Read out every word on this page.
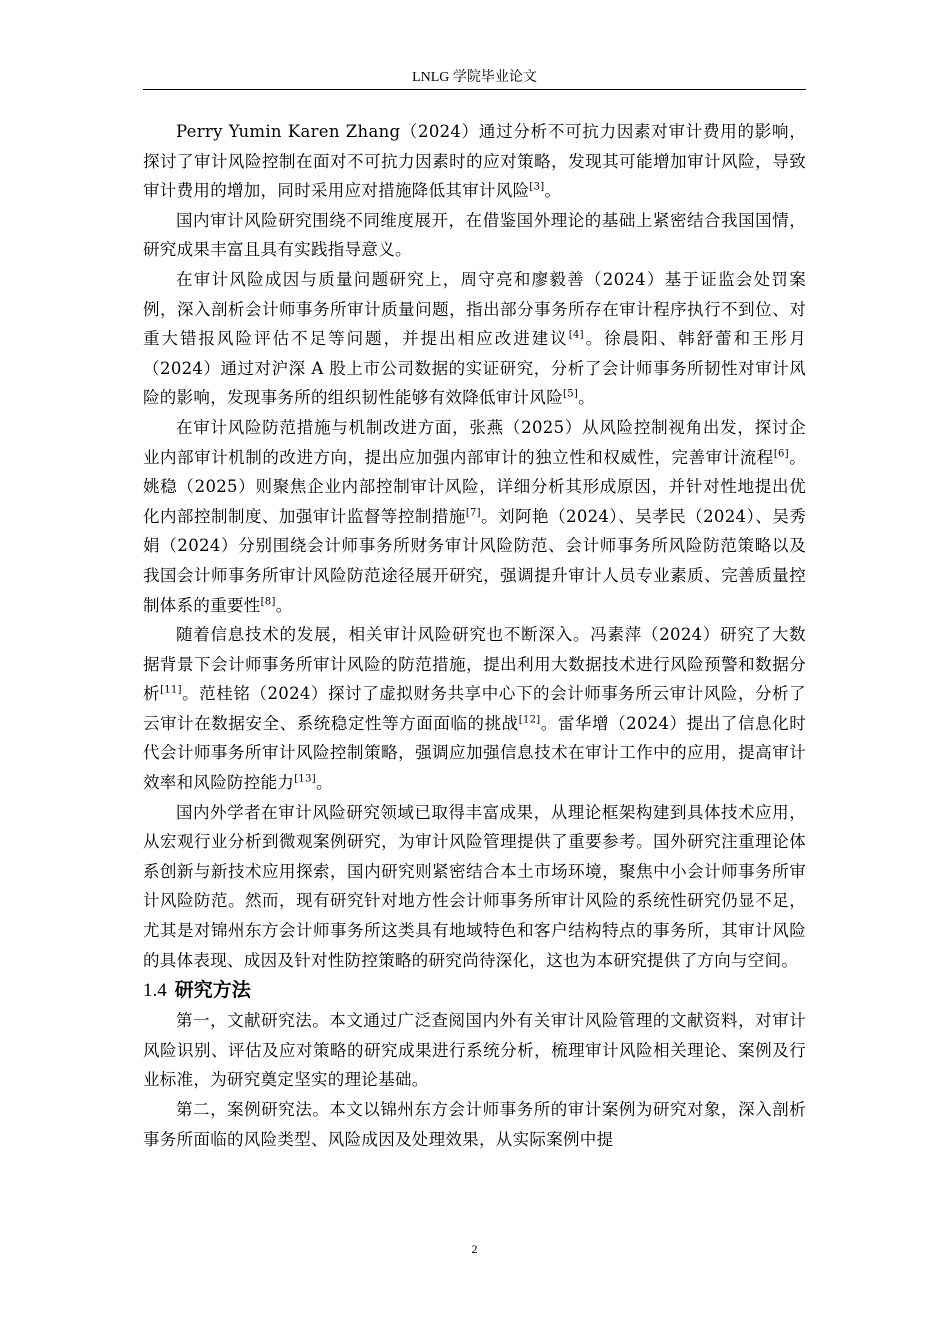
LNLG 学院毕业论文

Perry Yumin Karen Zhang（2024）通过分析不可抗力因素对审计费用的影响，探讨了审计风险控制在面对不可抗力因素时的应对策略，发现其可能增加审计风险，导致审计费用的增加，同时采用应对措施降低其审计风险[3]。

国内审计风险研究围绕不同维度展开，在借鉴国外理论的基础上紧密结合我国国情，研究成果丰富且具有实践指导意义。

在审计风险成因与质量问题研究上，周守亮和廖毅善（2024）基于证监会处罚案例，深入剖析会计师事务所审计质量问题，指出部分事务所存在审计程序执行不到位、对重大错报风险评估不足等问题，并提出相应改进建议[4]。徐晨阳、韩舒蕾和王彤月（2024）通过对沪深 A 股上市公司数据的实证研究，分析了会计师事务所韧性对审计风险的影响，发现事务所的组织韧性能够有效降低审计风险[5]。

在审计风险防范措施与机制改进方面，张燕（2025）从风险控制视角出发，探讨企业内部审计机制的改进方向，提出应加强内部审计的独立性和权威性，完善审计流程[6]。姚稳（2025）则聚焦企业内部控制审计风险，详细分析其形成原因，并针对性地提出优化内部控制制度、加强审计监督等控制措施[7]。刘阿艳（2024）、吴孝民（2024）、吴秀娟（2024）分别围绕会计师事务所财务审计风险防范、会计师事务所风险防范策略以及我国会计师事务所审计风险防范途径展开研究，强调提升审计人员专业素质、完善质量控制体系的重要性[8]。

随着信息技术的发展，相关审计风险研究也不断深入。冯素萍（2024）研究了大数据背景下会计师事务所审计风险的防范措施，提出利用大数据技术进行风险预警和数据分析[11]。范桂铭（2024）探讨了虚拟财务共享中心下的会计师事务所云审计风险，分析了云审计在数据安全、系统稳定性等方面面临的挑战[12]。雷华增（2024）提出了信息化时代会计师事务所审计风险控制策略，强调应加强信息技术在审计工作中的应用，提高审计效率和风险防控能力[13]。

国内外学者在审计风险研究领域已取得丰富成果，从理论框架构建到具体技术应用，从宏观行业分析到微观案例研究，为审计风险管理提供了重要参考。国外研究注重理论体系创新与新技术应用探索，国内研究则紧密结合本土市场环境，聚焦中小会计师事务所审计风险防范。然而，现有研究针对地方性会计师事务所审计风险的系统性研究仍显不足，尤其是对锦州东方会计师事务所这类具有地域特色和客户结构特点的事务所，其审计风险的具体表现、成因及针对性防控策略的研究尚待深化，这也为本研究提供了方向与空间。

1.4 研究方法

第一，文献研究法。本文通过广泛查阅国内外有关审计风险管理的文献资料，对审计风险识别、评估及应对策略的研究成果进行系统分析，梳理审计风险相关理论、案例及行业标准，为研究奠定坚实的理论基础。

第二，案例研究法。本文以锦州东方会计师事务所的审计案例为研究对象，深入剖析事务所面临的风险类型、风险成因及处理效果，从实际案例中提

2
